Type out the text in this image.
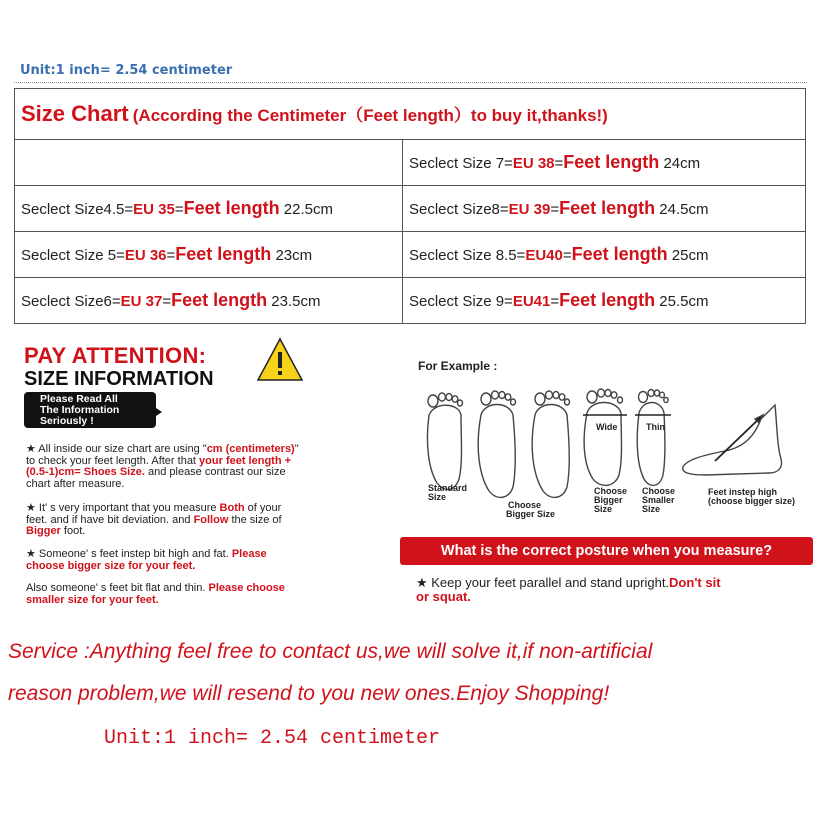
Unit:1 inch= 2.54 centimeter
Size Chart (According the Centimeter（Feet length）to buy it,thanks!)	
	Seclect Size 7=EU 38=Feet length 24cm
Seclect Size4.5=EU 35=Feet length 22.5cm	Seclect Size8=EU 39=Feet length 24.5cm
Seclect Size 5=EU 36=Feet length 23cm	Seclect Size 8.5=EU40=Feet length 25cm
Seclect Size6=EU 37=Feet length 23.5cm	Seclect Size 9=EU41=Feet length 25.5cm
PAY ATTENTION:
SIZE INFORMATION
Please Read All
The Information
Seriously !
★ All inside our size chart are using "cm (centimeters)"
to check your feet length. After that your feet length +
(0.5-1)cm= Shoes Size. and please contrast our size
chart after measure.
★ It' s very important that you measure Both of your
feet. and if have bit deviation. and Follow the size of
Bigger foot.
★ Someone' s feet instep bit high and fat. Please
choose bigger size for your feet.
Also someone' s feet bit flat and thin. Please choose
smaller size for your feet.
For Example :
Wide	Thin
Standard
Size
Choose
Bigger Size
Choose
Bigger
Size
Choose
Smaller
Size
Feet instep high
(choose bigger size)
What is the correct posture when you measure?
★ Keep your feet parallel and stand upright.Don't sit
or squat.
Service :Anything feel free to contact us,we will solve it,if non-artificial
reason problem,we will resend to you new ones.Enjoy Shopping!
Unit:1 inch= 2.54 centimeter
